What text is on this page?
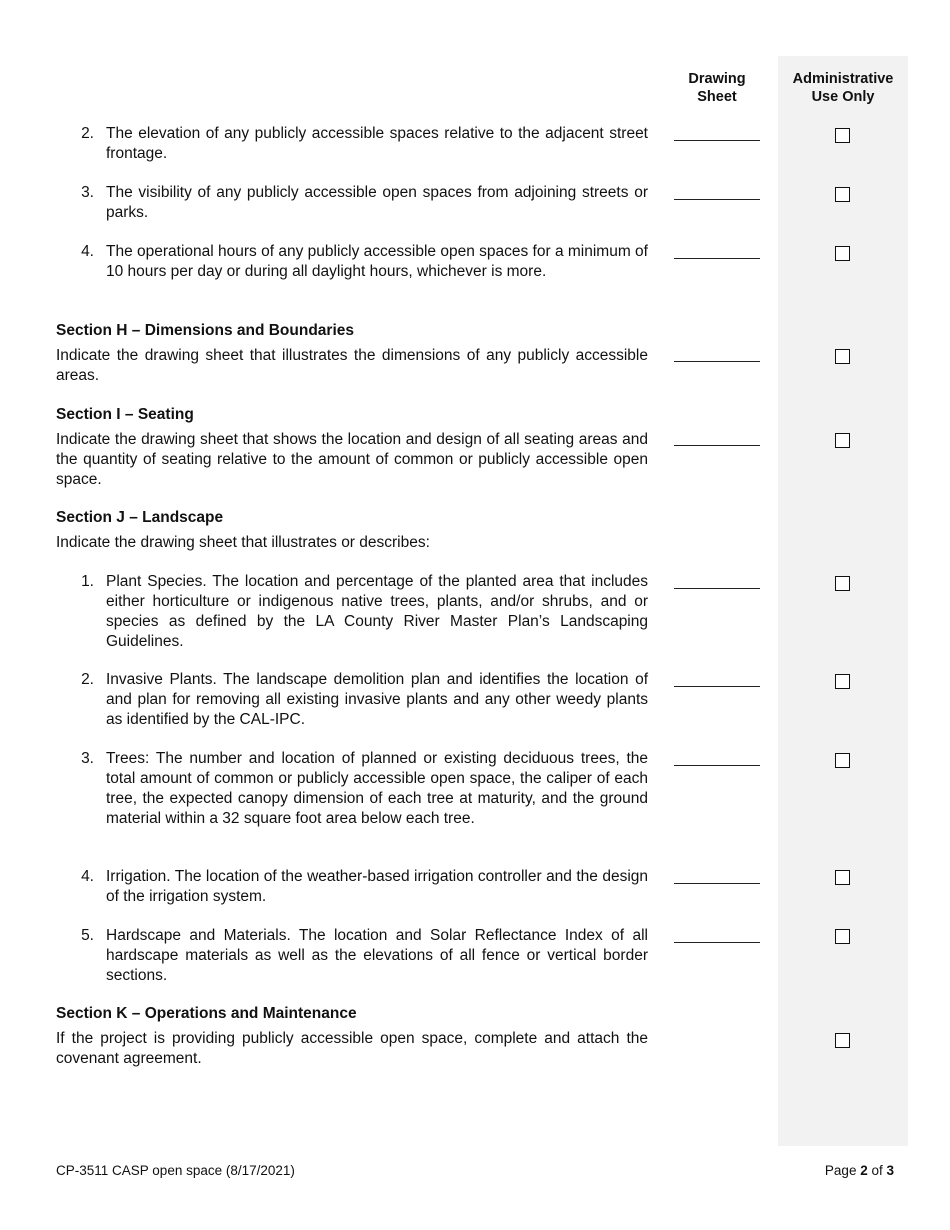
Drawing
Sheet
Administrative
Use Only
2. The elevation of any publicly accessible spaces relative to the adjacent street frontage.
3. The visibility of any publicly accessible open spaces from adjoining streets or parks.
4. The operational hours of any publicly accessible open spaces for a minimum of 10 hours per day or during all daylight hours, whichever is more.
Section H – Dimensions and Boundaries
Indicate the drawing sheet that illustrates the dimensions of any publicly accessible areas.
Section I – Seating
Indicate the drawing sheet that shows the location and design of all seating areas and the quantity of seating relative to the amount of common or publicly accessible open space.
Section J – Landscape
Indicate the drawing sheet that illustrates or describes:
1. Plant Species. The location and percentage of the planted area that includes either horticulture or indigenous native trees, plants, and/or shrubs, and or species as defined by the LA County River Master Plan’s Landscaping Guidelines.
2. Invasive Plants. The landscape demolition plan and identifies the location of and plan for removing all existing invasive plants and any other weedy plants as identified by the CAL-IPC.
3. Trees: The number and location of planned or existing deciduous trees, the total amount of common or publicly accessible open space, the caliper of each tree, the expected canopy dimension of each tree at maturity, and the ground material within a 32 square foot area below each tree.
4. Irrigation. The location of the weather-based irrigation controller and the design of the irrigation system.
5. Hardscape and Materials. The location and Solar Reflectance Index of all hardscape materials as well as the elevations of all fence or vertical border sections.
Section K – Operations and Maintenance
If the project is providing publicly accessible open space, complete and attach the covenant agreement.
CP-3511 CASP open space (8/17/2021)	Page 2 of 3
